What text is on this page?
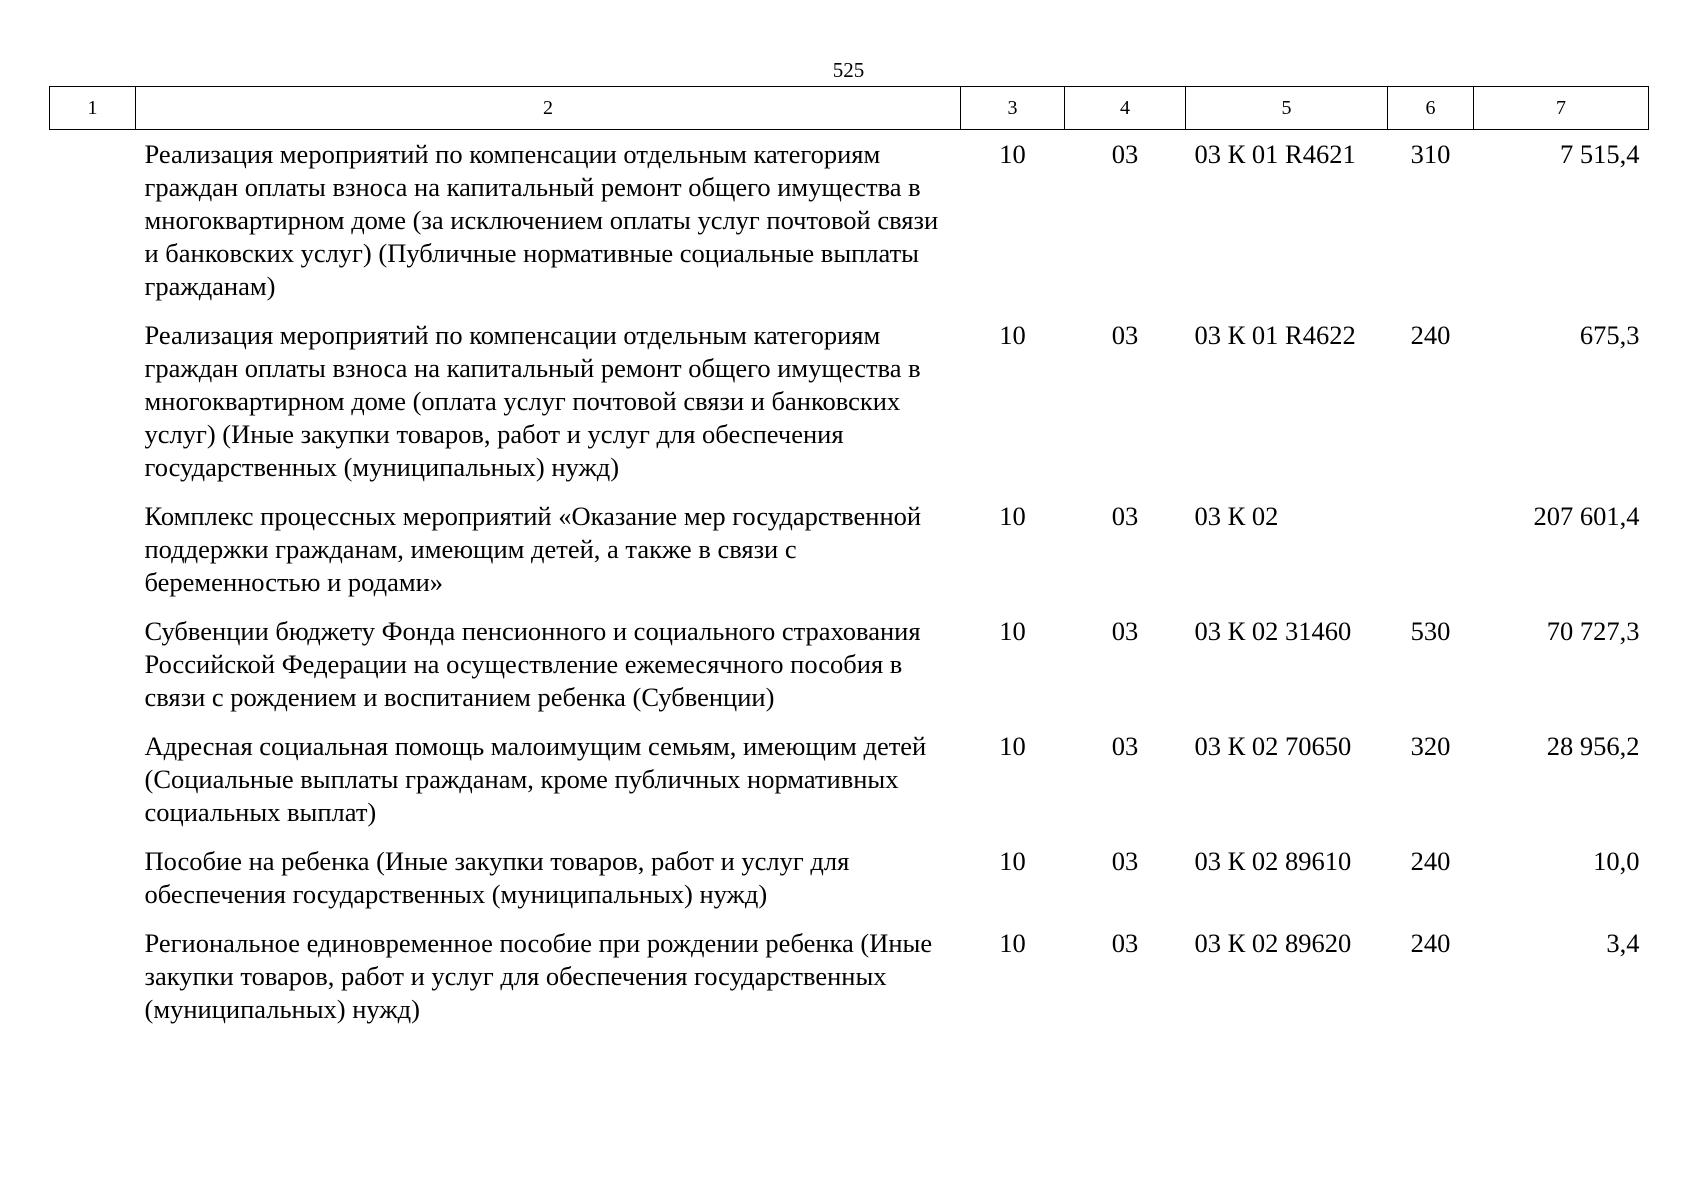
525
1	2	3	4	5	6	7
	Реализация мероприятий по компенсации отдельным категориям граждан оплаты взноса на капитальный ремонт общего имущества в многоквартирном доме (за исключением оплаты услуг почтовой связи и банковских услуг) (Публичные нормативные социальные выплаты гражданам)	10	03	03 К 01 R4621	310	7 515,4
	Реализация мероприятий по компенсации отдельным категориям граждан оплаты взноса на капитальный ремонт общего имущества в многоквартирном доме (оплата услуг почтовой связи и банковских услуг) (Иные закупки товаров, работ и услуг для обеспечения государственных (муниципальных) нужд)	10	03	03 К 01 R4622	240	675,3
	Комплекс процессных мероприятий «Оказание мер государственной поддержки гражданам, имеющим детей, а также в связи с беременностью и родами»	10	03	03 К 02		207 601,4
	Субвенции бюджету Фонда пенсионного и социального страхования Российской Федерации на осуществление ежемесячного пособия в связи с рождением и воспитанием ребенка (Субвенции)	10	03	03 К 02 31460	530	70 727,3
	Адресная социальная помощь малоимущим семьям, имеющим детей (Социальные выплаты гражданам, кроме публичных нормативных социальных выплат)	10	03	03 К 02 70650	320	28 956,2
	Пособие на ребенка (Иные закупки товаров, работ и услуг для обеспечения государственных (муниципальных) нужд)	10	03	03 К 02 89610	240	10,0
	Региональное единовременное пособие при рождении ребенка (Иные закупки товаров, работ и услуг для обеспечения государственных (муниципальных) нужд)	10	03	03 К 02 89620	240	3,4
